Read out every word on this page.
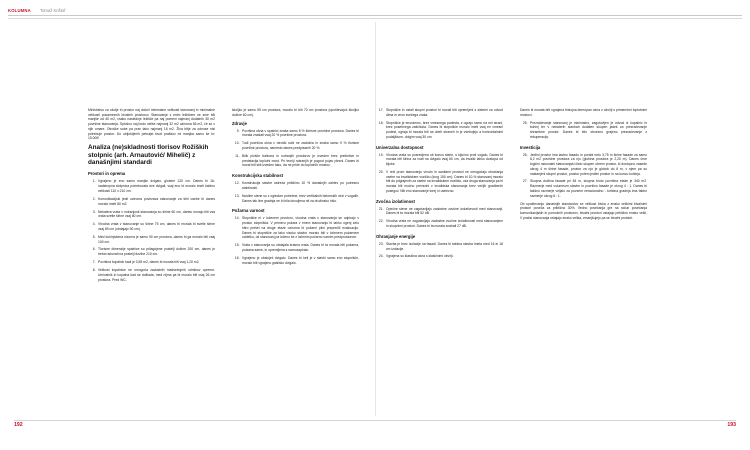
KOLUMNA Tomaž Krištof

Ministrstvo za okolje in prostor naj določi minimalne velikosti stanovanj in minimalne velikosti posameznih bivalnih prostorov. Stanovanje z enim ležiščem ne sme biti manjše od 40 m2, vsako naslednje ležišče pa naj pomeni najmanj dodatnih 30 m2 površine stanovanja. Splošno naj bodo velike najmanj 32 m2 oziroma 56 m2, če so v njih omare. Otroške sobe pa prav tako najmanj 16 m2. Živa bitje za odnose nisi potrebuje prostor. Do obljubljenih petnajst tisoč praškov mi manjka samo še to: 15.000!

Analiza (ne)skladnosti tlorisov Rožiških stolpnic (arh. Arnautović/ Mihelič) z današnjimi standardi
Prostori in oprema
1. Vgrajeno je eno samo manjše dvigalo, globine 120 cm. Danes bi 16-nadstropna stolpnica potrebovala dve dvigali, vsaj eno bi moralo imeti kabino velikosti 110 x 210 cm.
2. Komunikacijski jedri oziroma povezava stanovanje za štiri osebe bi danes moralo imeti 80 m2.
3. Nekatera vrata v notranjosti stanovanja so širine 60 cm, danes morajo biti vsa vrata svetle širine vsaj 80 cm.
4. Vhodna vrata v stanovanje so širine 75 cm, danes bi morala bi svetle širine vsaj 89 cm (obdajajo 90 cm).
5. Med kuhinjskima nizoma je samo 90 cm prostora, danes bi ga moralo biti vsaj 100 cm.
6. Tlorisne dimenzije spalnice so prilagojene postelji dožine 200 cm, danes je treba računati na postelji dožine 210 cm.
7. Površina kopalnic kadi je 0,55 m2, danes bi morala biti vsaj 1,20 m2.
8. Velikost kopalnice ne omogoča zadostnih medsebojnih odmikov opreme. Umivalnik in kopalna kad se dotikata, med nijma pa bi moralo biti vsaj 26 cm prostora. Pred WC-

školjko je samo 55 cm prostora, moralo bi biti 70 cm prostora (upoštevajoč školjko dožine 60 cm).

Zdravje
9. Površina okna v spalnici znaša samo 8 % tlorisne površine prostora. Danes bi morala znašati vsaj 20 % površine prostora.
10. Tudi površina okna v otroški sobi ne zadošča in znaša samo 9 % tlorisne površine prostora, namesto danes predpisanih 20 %.
11. Bilik plošče balkona in notranjih prostorov je izveden brez prekinitve in predstavlja toplotni most. Pri teoriji notranjih je pogost pojav plesni. Danes bi moral biti stik izveden tako, da ne pride do toplotnih mostov.
Konstrukcijska stabilnost
12. Konstrukcija stavbe ustreza približno 10 % današnjih zahtev po potresno stabilnosti.
13. Nosilne stene so z ogledom potrebne, brez vertikalnih betonskih vezi v vogalih. Danes tak line gradnja ne bi bila dovoljena nit za družinsko hišo.
Požarna varnost
14. Stopnišče ni v ločenem prostoru, vhodna vrata v stanovanja se odpirajo v prostor stopnišča. V primeru požara v enem stanovanju bi lahko ogenj zelo hitro prešel na druge etaže oziroma bi požarni plini preprečili evakuacijo. Danes bi stopnišče za tako visoko stavbo moralo biti v ločenem požarnem oddelku, od stanovanj pa ločeno še z ločenim požarno varnim predprostorom.
15. Vrata v stanovanja so obdajala krasna vrata. Danes bi ta morala biti požarna, polzana same, in opremljena s samozapiralo.
16. Vgrajeno je obstoječ dvigalo. Danes bi keli je v stavbi samo eno stopnišče, moralo biti vgrajeno gasilsko dvigalo.
17. Stopnišče in ostali skupni prostori bi morali biti opremljeni s sistemi za odvod dima in vnos svežega zraka.
18. Stopnišče je enoramno, brez vmesnega podesta, z ograjo samo na eni strani, brez posebnega zaščitoča. Danes bi stopnišče moralo imeti vsaj en vmesni podest, ograja bi morala biti na obeh straneh in je vsebujejo a horizontalnimi podaljškom, dolgim vsaj 30 cm.
Univerzalna dostopnost
19. Vhodna vrata so posredjena ob koncu stene, s ključno proti vogalu. Danes bi morala biti širina za vrati na dvigalo vsaj 60 cm, da invalid lahko dostopa od kljuke.
20. V reči prom stanovanju vhodn in sanitarni prostori ne omogočajo obračanja osebe na invalidskem vozičku (krog 150 cm). Danes bi 10-% stanovanj moralo biti do prigrajenih za osebe na invalidskem vozičku, vsa druga stanovanja pa bi morala biti možno prevedni v invalidska stanovanja brez večjih gradbenih posegov. Niti eno stanovanje torej ni ustrezno.
Zvočna izolativnost
21. Opečne stene ne zagotavljajo zadostne zvočne izolativnosti med stanovanji. Danes bi ta morala biti 52 dB.
22. Vhodna vrata ne zagotavljajo zadostne zvočne izolativnosti med stanovanjem in skupnimi prostori. Danes bi ta morala znašati 27 dB.
Ohranjanje energije
23. Stavba je brez izolacije na fasadi. Danes bi takšna stavba imela med 16 in 18 cm izolacije.
24. Vgrajena so klasična okna s klasičnimi okvirji.

Danes bi morala brti vgrajena trislojna termopan okna z okvirji s primernimi toplotnimi mostovi.

25. Prezračevanje stanovanj je minimalno, zagotovljen je odvod iz kopalnic in kuhinj ter v nekaterih stavbah dodaten skupen jašek za prezračevanje shrambne prostor. Danes bi bilo obvezno grajeno prezračevanje z rekuperacijo.
Investicija
26. Jedilni prostor ima lastno fasado in porabi neto 3,75 m širine fasade za samo 8,2 m2 površine prostora za njo (globina prostora je 2,20 m). Danes črne togični racionalni stanovanjski čisto skupen obrem prostor, ki dostopno zasede okrog 4 m širine fasade, prostor za njo je globok do 8 m, v njem pa so nastanjeni skupni prostor, prostor potem jedilni prostor in na koncu kuhinja.
27. Skupna dolžina fasade pri 84 m, skupna bruto površina etaže je 340 m2. Razmerje med volumnom stavbe in površino fasade je okrog 4 : 1. Danes bi takšno razmerje veljalo za povsem neracionalno - toristna gradnja ima faktor razmerje okrog 6 : 1.

Ob upoštevanju današnjih standardov se velikost bivka z enako velikimi bivalnimi prostori poveča za približno 30%. Vedno povečanja gre na račun povečanja komunikacijskih in pomožnih prostorov, bivalni prostori ostajajo približno enako velki. V praksi stanovanja ostajajo enako velika, zmanjšujejo pa se bivalni prostori.

192	193
